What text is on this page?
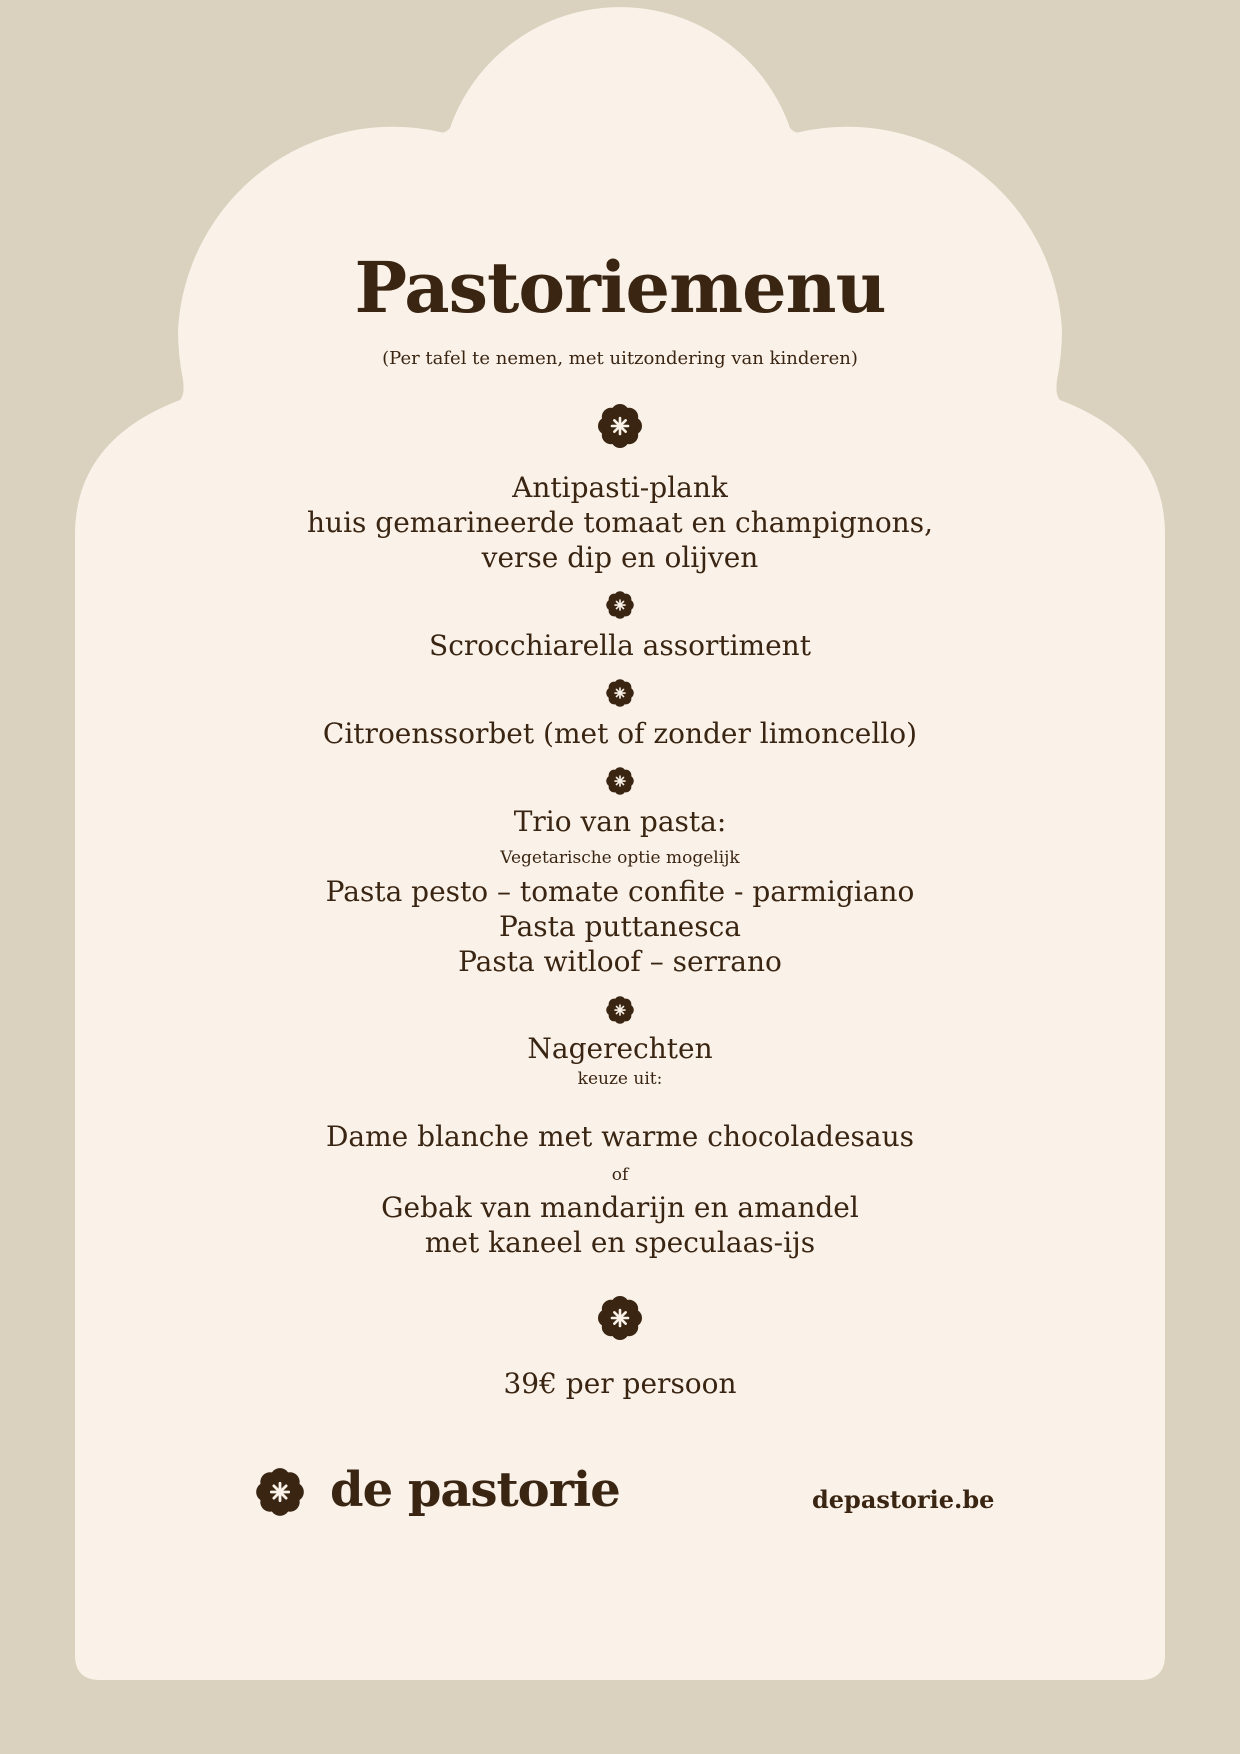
Pastoriemenu
(Per tafel te nemen, met uitzondering van kinderen)
Antipasti-plank
huis gemarineerde tomaat en champignons,
verse dip en olijven
Scrocchiarella assortiment
Citroenssorbet (met of zonder limoncello)
Trio van pasta:
Vegetarische optie mogelijk
Pasta pesto – tomate confite - parmigiano
Pasta puttanesca
Pasta witloof – serrano
Nagerechten
keuze uit:
Dame blanche met warme chocoladesaus
of
Gebak van mandarijn en amandel
met kaneel en speculaas-ijs
39€ per persoon
de pastorie	depastorie.be
